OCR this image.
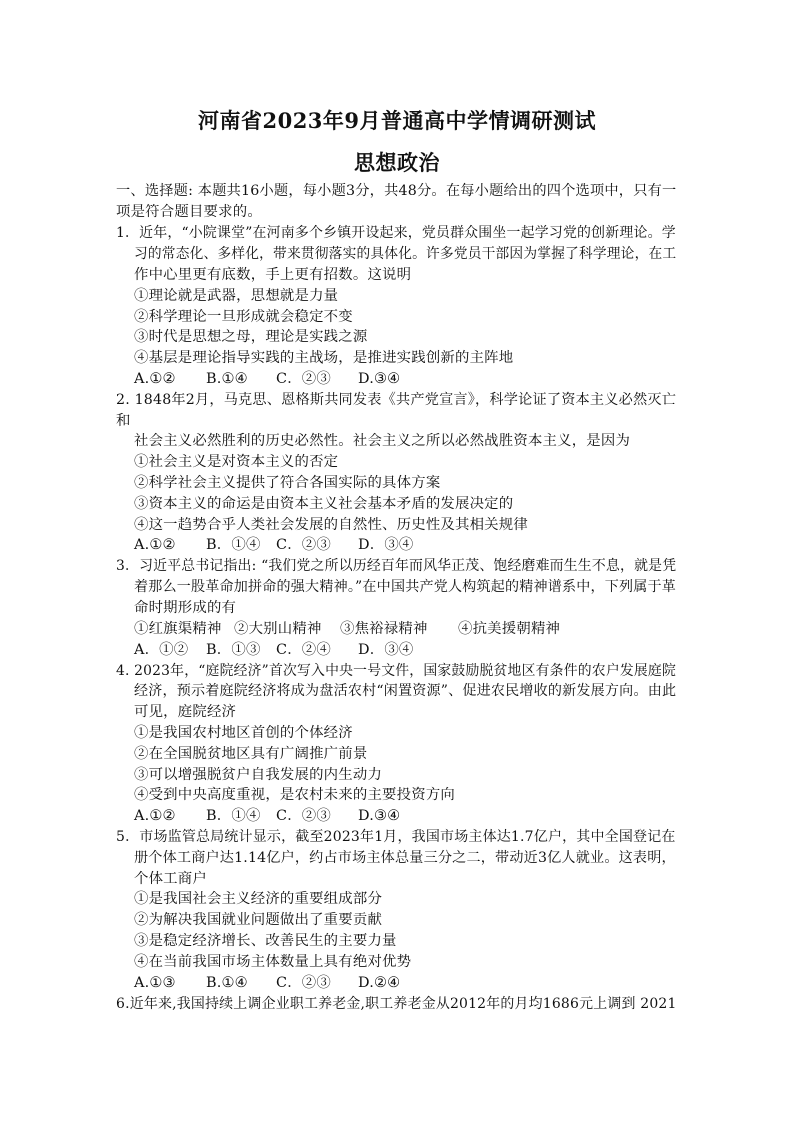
河南省2023年9月普通高中学情调研测试
思想政治
一、选择题: 本题共16小题，每小题3分，共48分。在每小题给出的四个选项中，只有一
项是符合题目要求的。
1．近年，“小院课堂”在河南多个乡镇开设起来，党员群众围坐一起学习党的创新理论。学
习的常态化、多样化，带来贯彻落实的具体化。许多党员干部因为掌握了科学理论，在工
作中心里更有底数，手上更有招数。这说明
①理论就是武器，思想就是力量
②科学理论一旦形成就会稳定不变
③时代是思想之母，理论是实践之源
④基层是理论指导实践的主战场，是推进实践创新的主阵地
A.①② B.①④ C．②③ D.③④
2. 1848年2月，马克思、恩格斯共同发表《共产党宣言》，科学论证了资本主义必然灭亡
和
社会主义必然胜利的历史必然性。社会主义之所以必然战胜资本主义，是因为
①社会主义是对资本主义的否定
②科学社会主义提供了符合各国实际的具体方案
③资本主义的命运是由资本主义社会基本矛盾的发展决定的
④这一趋势合乎人类社会发展的自然性、历史性及其相关规律
A.①② B．①④ C．②③ D．③④
3．习近平总书记指出: “我们党之所以历经百年而风华正茂、饱经磨难而生生不息，就是凭
着那么一股革命加拼命的强大精神。”在中国共产党人构筑起的精神谱系中，下列属于革
命时期形成的有
①红旗渠精神 ②大别山精神 ③焦裕禄精神 ④抗美援朝精神
A．①② B．①③ C．②④ D．③④
4. 2023年，“庭院经济”首次写入中央一号文件，国家鼓励脱贫地区有条件的农户发展庭院
经济，预示着庭院经济将成为盘活农村“闲置资源”、促进农民增收的新发展方向。由此
可见，庭院经济
①是我国农村地区首创的个体经济
②在全国脱贫地区具有广阔推广前景
③可以增强脱贫户自我发展的内生动力
④受到中央高度重视，是农村未来的主要投资方向
A.①② B．①④ C．②③ D.③④
5．市场监管总局统计显示，截至2023年1月，我国市场主体达1.7亿户，其中全国登记在
册个体工商户达1.14亿户，约占市场主体总量三分之二，带动近3亿人就业。这表明，
个体工商户
①是我国社会主义经济的重要组成部分
②为解决我国就业问题做出了重要贡献
③是稳定经济增长、改善民生的主要力量
④在当前我国市场主体数量上具有绝对优势
A.①③ B.①④ C．②③ D.②④
6.近年来,我国持续上调企业职工养老金,职工养老金从2012年的月均1686元上调到 2021
